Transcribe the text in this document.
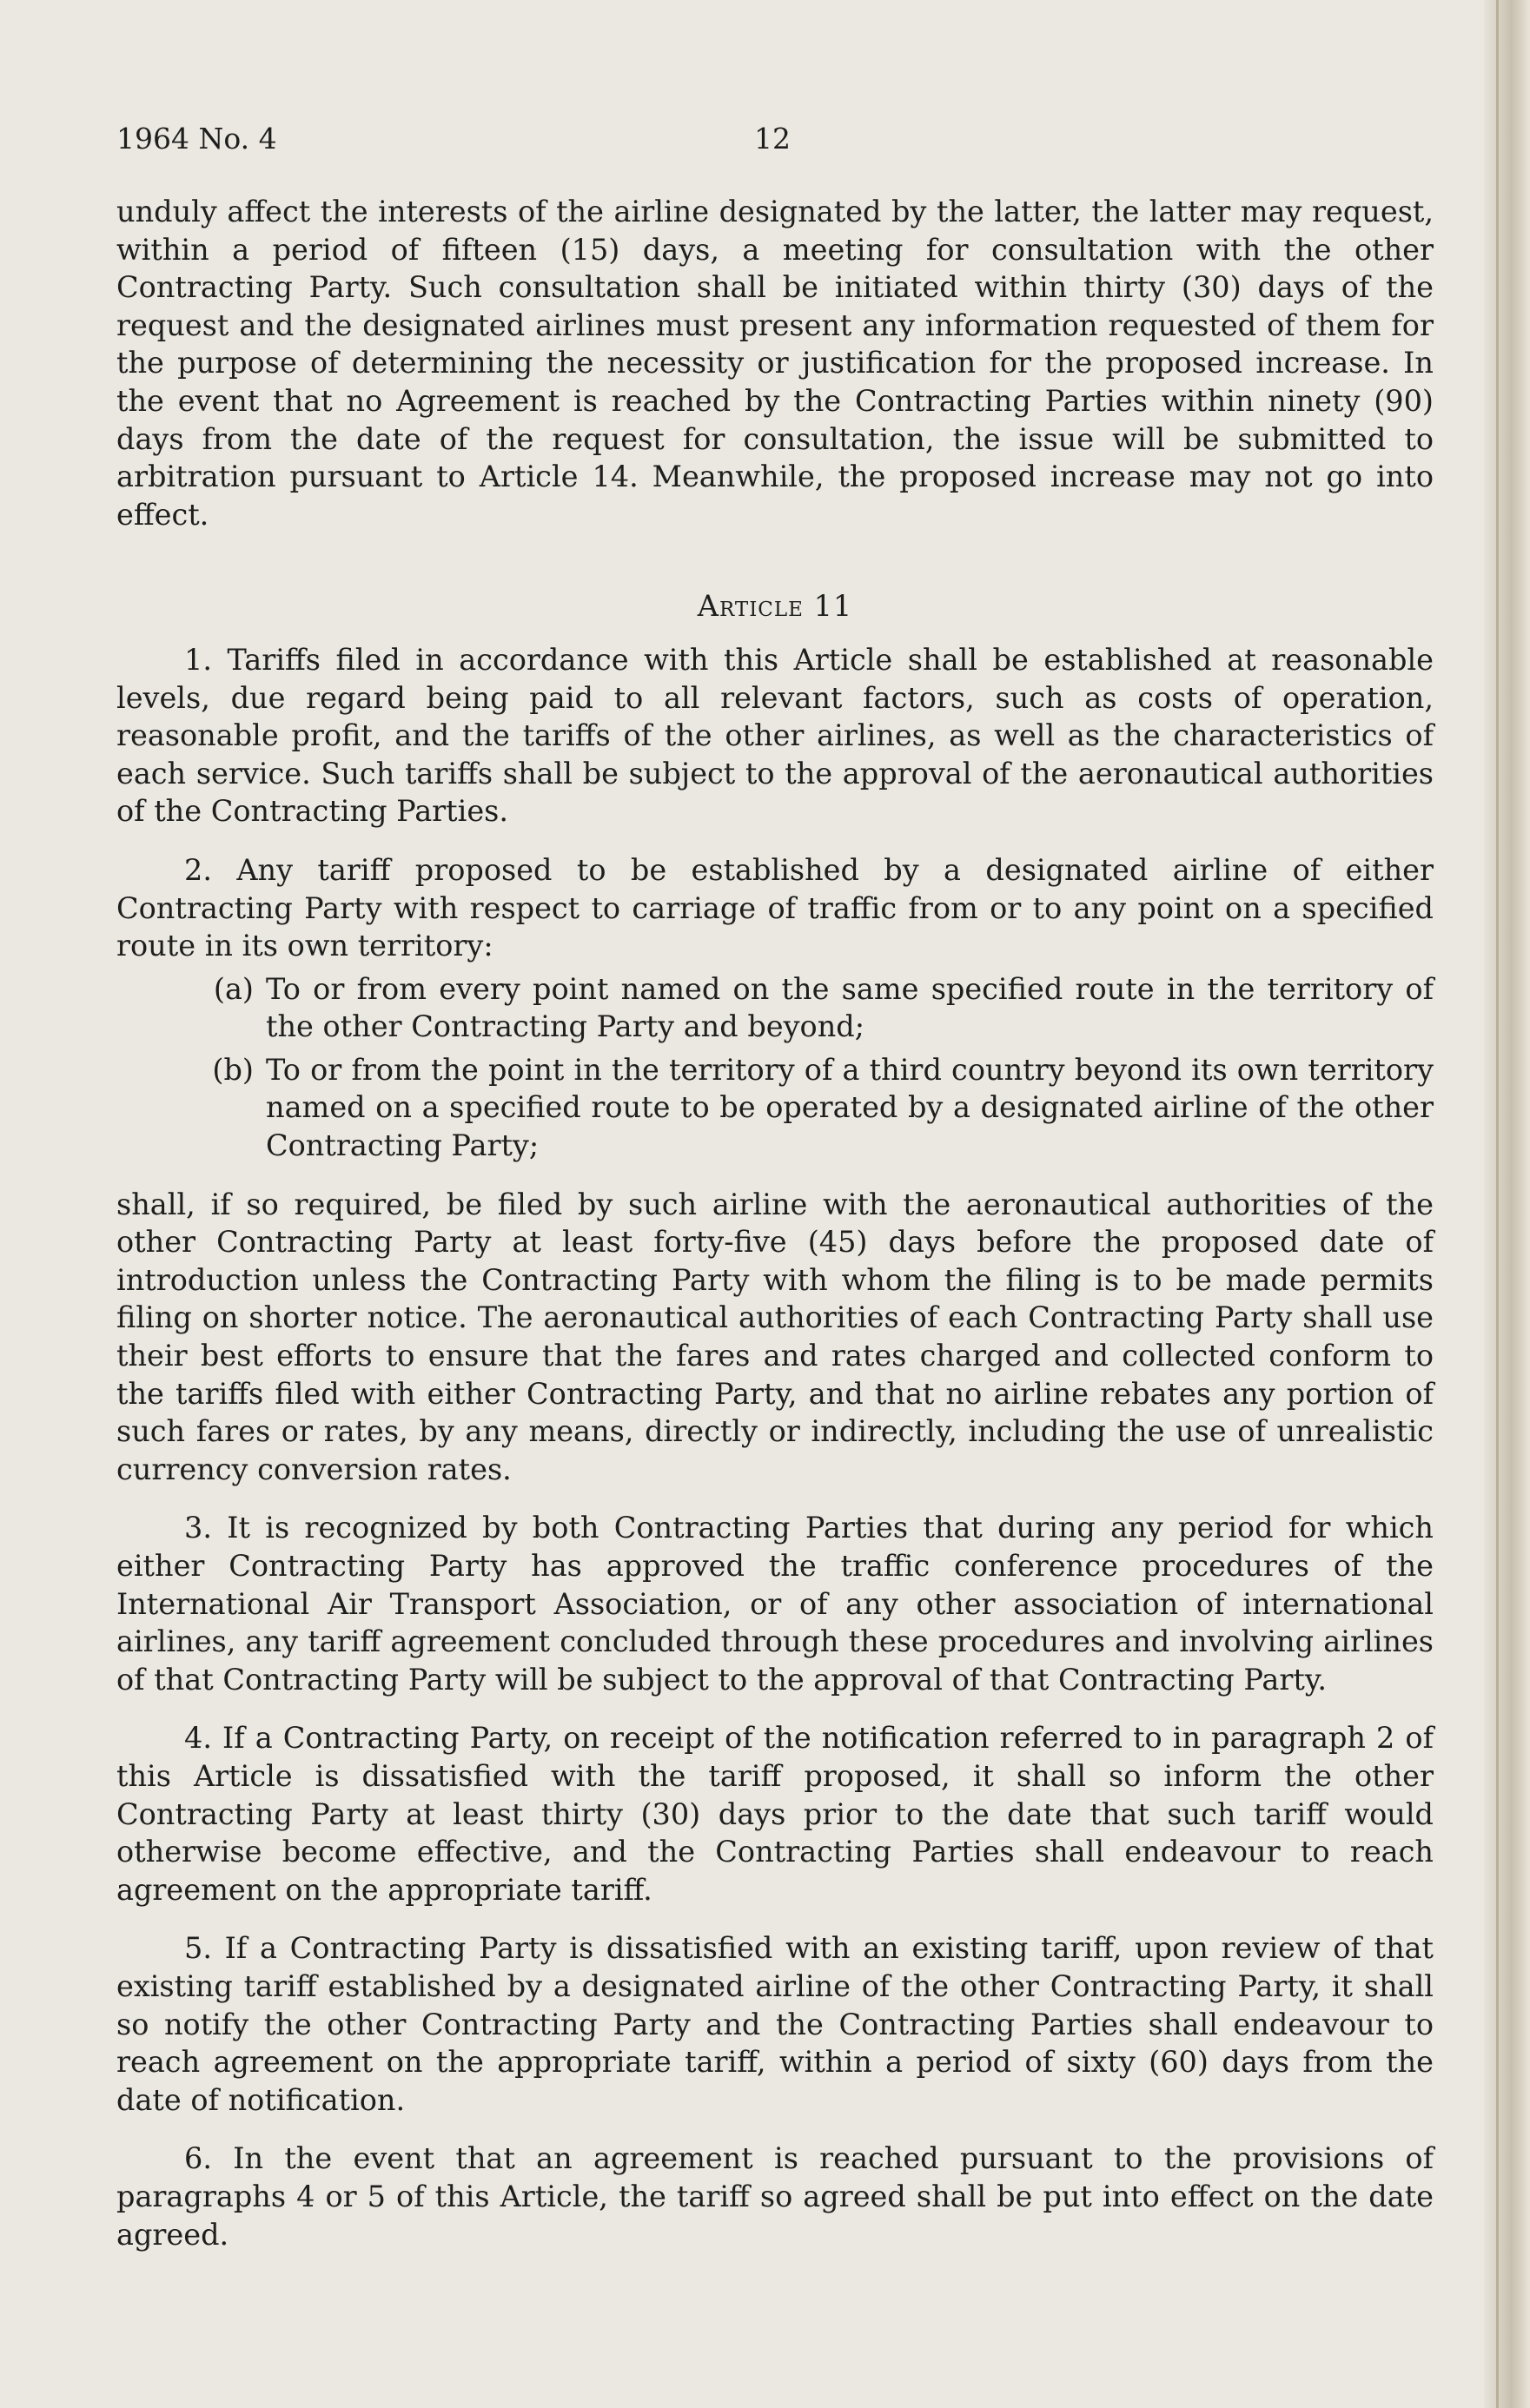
1964 No. 4	12

unduly affect the interests of the airline designated by the latter, the latter may request, within a period of fifteen (15) days, a meeting for consultation with the other Contracting Party. Such consultation shall be initiated within thirty (30) days of the request and the designated airlines must present any information requested of them for the purpose of determining the necessity or justification for the proposed increase. In the event that no Agreement is reached by the Contracting Parties within ninety (90) days from the date of the request for consultation, the issue will be submitted to arbitration pursuant to Article 14. Meanwhile, the proposed increase may not go into effect.

Article 11

1. Tariffs filed in accordance with this Article shall be established at reasonable levels, due regard being paid to all relevant factors, such as costs of operation, reasonable profit, and the tariffs of the other airlines, as well as the characteristics of each service. Such tariffs shall be subject to the approval of the aeronautical authorities of the Contracting Parties.

2. Any tariff proposed to be established by a designated airline of either Contracting Party with respect to carriage of traffic from or to any point on a specified route in its own territory:

(a) To or from every point named on the same specified route in the territory of the other Contracting Party and beyond;
(b) To or from the point in the territory of a third country beyond its own territory named on a specified route to be operated by a designated airline of the other Contracting Party;

shall, if so required, be filed by such airline with the aeronautical authorities of the other Contracting Party at least forty-five (45) days before the proposed date of introduction unless the Contracting Party with whom the filing is to be made permits filing on shorter notice. The aeronautical authorities of each Contracting Party shall use their best efforts to ensure that the fares and rates charged and collected conform to the tariffs filed with either Contracting Party, and that no airline rebates any portion of such fares or rates, by any means, directly or indirectly, including the use of unrealistic currency conversion rates.

3. It is recognized by both Contracting Parties that during any period for which either Contracting Party has approved the traffic conference procedures of the International Air Transport Association, or of any other association of international airlines, any tariff agreement concluded through these procedures and involving airlines of that Contracting Party will be subject to the approval of that Contracting Party.

4. If a Contracting Party, on receipt of the notification referred to in paragraph 2 of this Article is dissatisfied with the tariff proposed, it shall so inform the other Contracting Party at least thirty (30) days prior to the date that such tariff would otherwise become effective, and the Contracting Parties shall endeavour to reach agreement on the appropriate tariff.

5. If a Contracting Party is dissatisfied with an existing tariff, upon review of that existing tariff established by a designated airline of the other Contracting Party, it shall so notify the other Contracting Party and the Contracting Parties shall endeavour to reach agreement on the appropriate tariff, within a period of sixty (60) days from the date of notification.

6. In the event that an agreement is reached pursuant to the provisions of paragraphs 4 or 5 of this Article, the tariff so agreed shall be put into effect on the date agreed.
